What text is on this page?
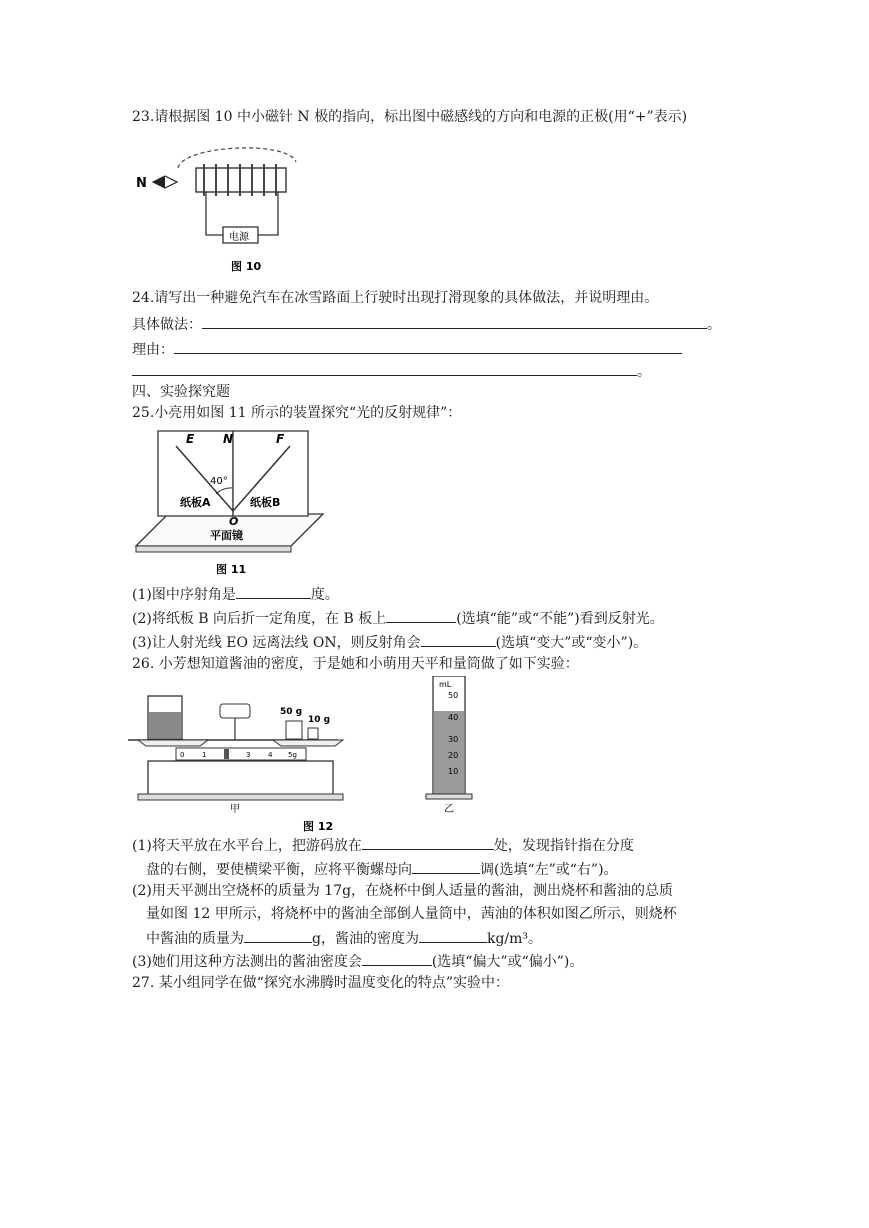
23.请根据图 10 中小磁针 N 极的指向，标出图中磁感线的方向和电源的正极(用“+”表示)
电源
N
图 10
24.请写出一种避免汽车在冰雪路面上行驶时出现打滑现象的具体做法，并说明理由。
具体做法：	。
理由：
。
四、实验探究题
25.小亮用如图 11 所示的装置探究“光的反射规律”：
E N	F
40°
纸板A	纸板B
O
平面镜
图 11
(1)图中序射角是	度。
(2)将纸板 B 向后折一定角度，在 B 板上	(选填“能”或“不能”)看到反射光。
(3)让人射光线 EO 远离法线 ON，则反射角会	(选填“变大”或“变小”)。
26. 小芳想知道酱油的密度，于是她和小萌用天平和量筒做了如下实验：
0	1	3	4 5g
50 g
10 g
甲
mL
50
40
30
20
10
乙
图 12
(1)将天平放在水平台上，把游码放在	处，发现指针指在分度
盘的右侧，要使横梁平衡，应将平衡螺母向	调(选填“左”或“右”)。
(2)用天平测出空烧杯的质量为 17g，在烧杯中倒人适量的酱油，测出烧杯和酱油的总质
量如图 12 甲所示，将烧杯中的酱油全部倒人量筒中，茜油的体积如图乙所示，则烧杯
中酱油的质量为	g，酱油的密度为	kg/m³。
(3)她们用这种方法测出的酱油密度会	(选填“偏大”或“偏小”)。
27. 某小组同学在做“探究水沸腾时温度变化的特点”实验中：
